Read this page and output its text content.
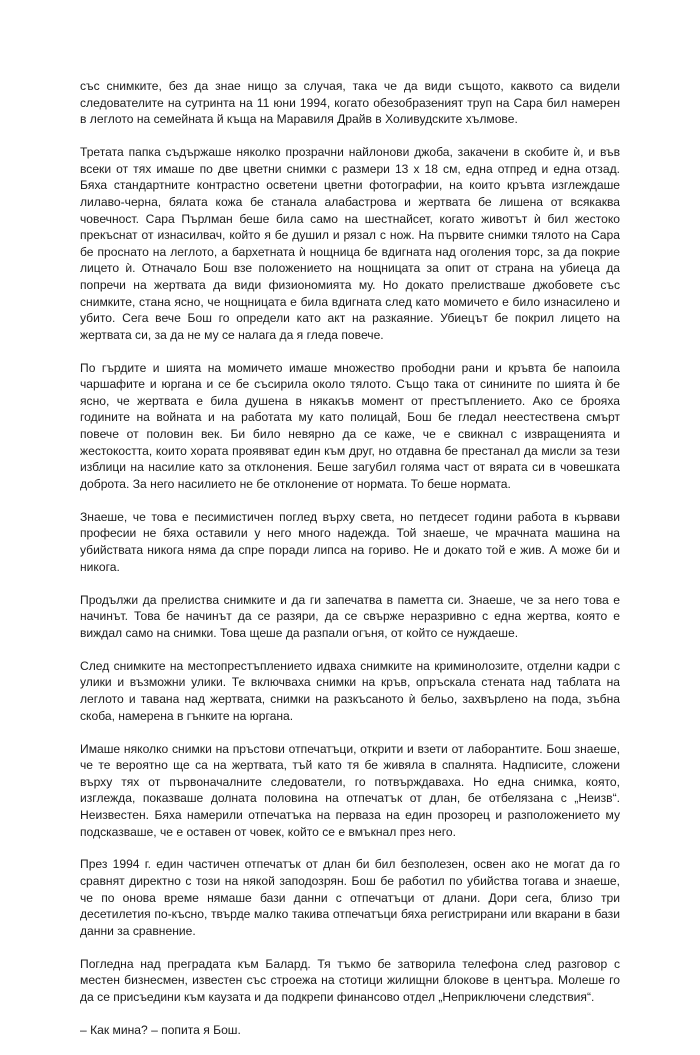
със снимките, без да знае нищо за случая, така че да види същото, каквото са видели следователите на сутринта на 11 юни 1994, когато обезобразеният труп на Сара бил намерен в леглото на семейната й къща на Маравиля Драйв в Холивудските хълмове.

Третата папка съдържаше няколко прозрачни найлонови джоба, закачени в скобите ѝ, и във всеки от тях имаше по две цветни снимки с размери 13 х 18 см, една отпред и една отзад. Бяха стандартните контрастно осветени цветни фотографии, на които кръвта изглеждаше лилаво-черна, бялата кожа бе станала алабастрова и жертвата бе лишена от всякаква човечност. Сара Пърлман беше била само на шестнайсет, когато животът ѝ бил жестоко прекъснат от изнасилвач, който я бе душил и рязал с нож. На първите снимки тялото на Сара бе проснато на леглото, а бархетната ѝ нощница бе вдигната над оголения торс, за да покрие лицето ѝ. Отначало Бош взе положението на нощницата за опит от страна на убиеца да попречи на жертвата да види физиономията му. Но докато прелистваше джобовете със снимките, стана ясно, че нощницата е била вдигната след като момичето е било изнасилено и убито. Сега вече Бош го определи като акт на разкаяние. Убиецът бе покрил лицето на жертвата си, за да не му се налага да я гледа повече.

По гърдите и шията на момичето имаше множество прободни рани и кръвта бе напоила чаршафите и юргана и се бе съсирила около тялото. Също така от синините по шията ѝ бе ясно, че жертвата е била душена в някакъв момент от престъплението. Ако се брояха годините на войната и на работата му като полицай, Бош бе гледал неестествена смърт повече от половин век. Би било невярно да се каже, че е свикнал с извращенията и жестокостта, които хората проявяват един към друг, но отдавна бе престанал да мисли за тези изблици на насилие като за отклонения. Беше загубил голяма част от вярата си в човешката доброта. За него насилието не бе отклонение от нормата. То беше нормата.

Знаеше, че това е песимистичен поглед върху света, но петдесет години работа в кървави професии не бяха оставили у него много надежда. Той знаеше, че мрачната машина на убийствата никога няма да спре поради липса на гориво. Не и докато той е жив. А може би и никога.

Продължи да прелиства снимките и да ги запечатва в паметта си. Знаеше, че за него това е начинът. Това бе начинът да се разяри, да се свърже неразривно с една жертва, която е виждал само на снимки. Това щеше да разпали огъня, от който се нуждаеше.

След снимките на местопрестъплението идваха снимките на криминолозите, отделни кадри с улики и възможни улики. Те включваха снимки на кръв, опръскала стената над таблата на леглото и тавана над жертвата, снимки на разкъсаното ѝ бельо, захвърлено на пода, зъбна скоба, намерена в гънките на юргана.

Имаше няколко снимки на пръстови отпечатъци, открити и взети от лаборантите. Бош знаеше, че те вероятно ще са на жертвата, тъй като тя бе живяла в спалнята. Надписите, сложени върху тях от първоначалните следователи, го потвърждаваха. Но една снимка, която, изглежда, показваше долната половина на отпечатък от длан, бе отбелязана с „Неизв“. Неизвестен. Бяха намерили отпечатъка на перваза на един прозорец и разположението му подсказваше, че е оставен от човек, който се е вмъкнал през него.

През 1994 г. един частичен отпечатък от длан би бил безполезен, освен ако не могат да го сравнят директно с този на някой заподозрян. Бош бе работил по убийства тогава и знаеше, че по онова време нямаше бази данни с отпечатъци от длани. Дори сега, близо три десетилетия по-късно, твърде малко такива отпечатъци бяха регистрирани или вкарани в бази данни за сравнение.

Погледна над преградата към Балард. Тя тъкмо бе затворила телефона след разговор с местен бизнесмен, известен със строежа на стотици жилищни блокове в центъра. Молеше го да се присъедини към каузата и да подкрепи финансово отдел „Неприключени следствия“.

– Как мина? – попита я Бош.
